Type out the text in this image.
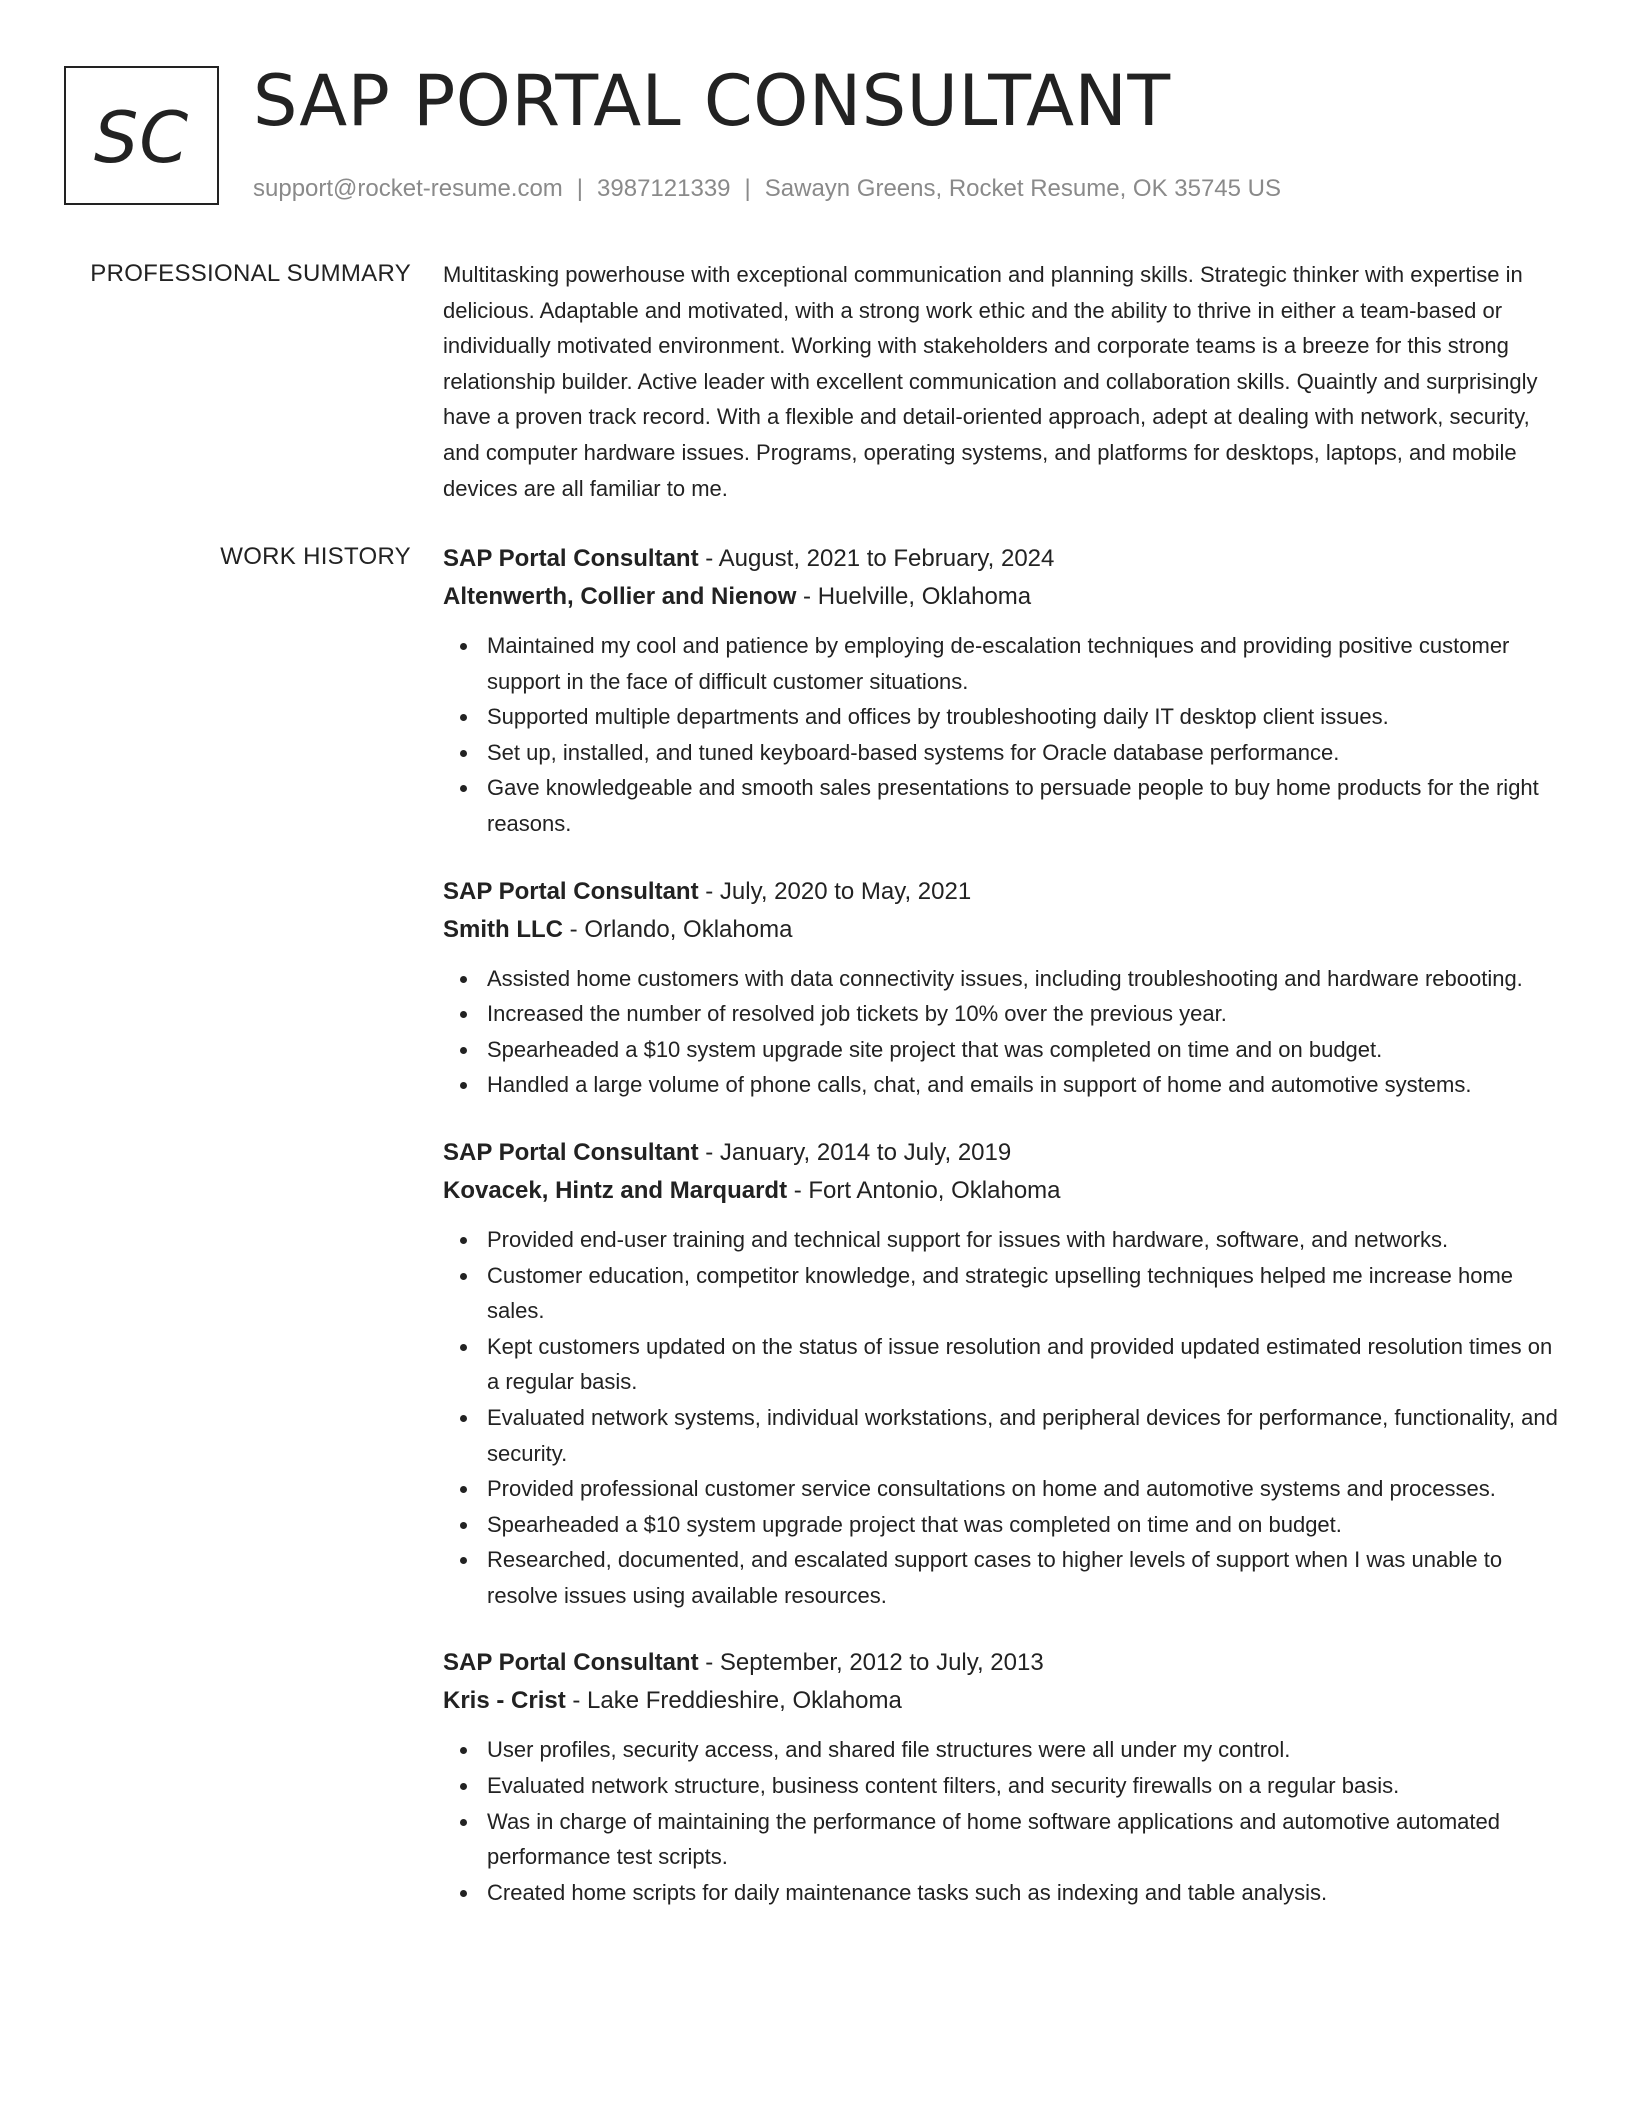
SC SAP PORTAL CONSULTANT
support@rocket-resume.com | 3987121339 | Sawayn Greens, Rocket Resume, OK 35745 US
PROFESSIONAL SUMMARY Multitasking powerhouse with exceptional communication and planning skills. Strategic thinker with expertise in delicious. Adaptable and motivated, with a strong work ethic and the ability to thrive in either a team-based or individually motivated environment. Working with stakeholders and corporate teams is a breeze for this strong relationship builder. Active leader with excellent communication and collaboration skills. Quaintly and surprisingly have a proven track record. With a flexible and detail-oriented approach, adept at dealing with network, security, and computer hardware issues. Programs, operating systems, and platforms for desktops, laptops, and mobile devices are all familiar to me.

WORK HISTORY SAP Portal Consultant - August, 2021 to February, 2024
Altenwerth, Collier and Nienow - Huelville, Oklahoma
Maintained my cool and patience by employing de-escalation techniques and providing positive customer support in the face of difficult customer situations.
Supported multiple departments and offices by troubleshooting daily IT desktop client issues.
Set up, installed, and tuned keyboard-based systems for Oracle database performance.
Gave knowledgeable and smooth sales presentations to persuade people to buy home products for the right reasons.
SAP Portal Consultant - July, 2020 to May, 2021
Smith LLC - Orlando, Oklahoma
Assisted home customers with data connectivity issues, including troubleshooting and hardware rebooting.
Increased the number of resolved job tickets by 10% over the previous year.
Spearheaded a $10 system upgrade site project that was completed on time and on budget.
Handled a large volume of phone calls, chat, and emails in support of home and automotive systems.
SAP Portal Consultant - January, 2014 to July, 2019
Kovacek, Hintz and Marquardt - Fort Antonio, Oklahoma
Provided end-user training and technical support for issues with hardware, software, and networks.
Customer education, competitor knowledge, and strategic upselling techniques helped me increase home sales.
Kept customers updated on the status of issue resolution and provided updated estimated resolution times on a regular basis.
Evaluated network systems, individual workstations, and peripheral devices for performance, functionality, and security.
Provided professional customer service consultations on home and automotive systems and processes.
Spearheaded a $10 system upgrade project that was completed on time and on budget.
Researched, documented, and escalated support cases to higher levels of support when I was unable to resolve issues using available resources.
SAP Portal Consultant - September, 2012 to July, 2013
Kris - Crist - Lake Freddieshire, Oklahoma
User profiles, security access, and shared file structures were all under my control.
Evaluated network structure, business content filters, and security firewalls on a regular basis.
Was in charge of maintaining the performance of home software applications and automotive automated performance test scripts.
Created home scripts for daily maintenance tasks such as indexing and table analysis.
